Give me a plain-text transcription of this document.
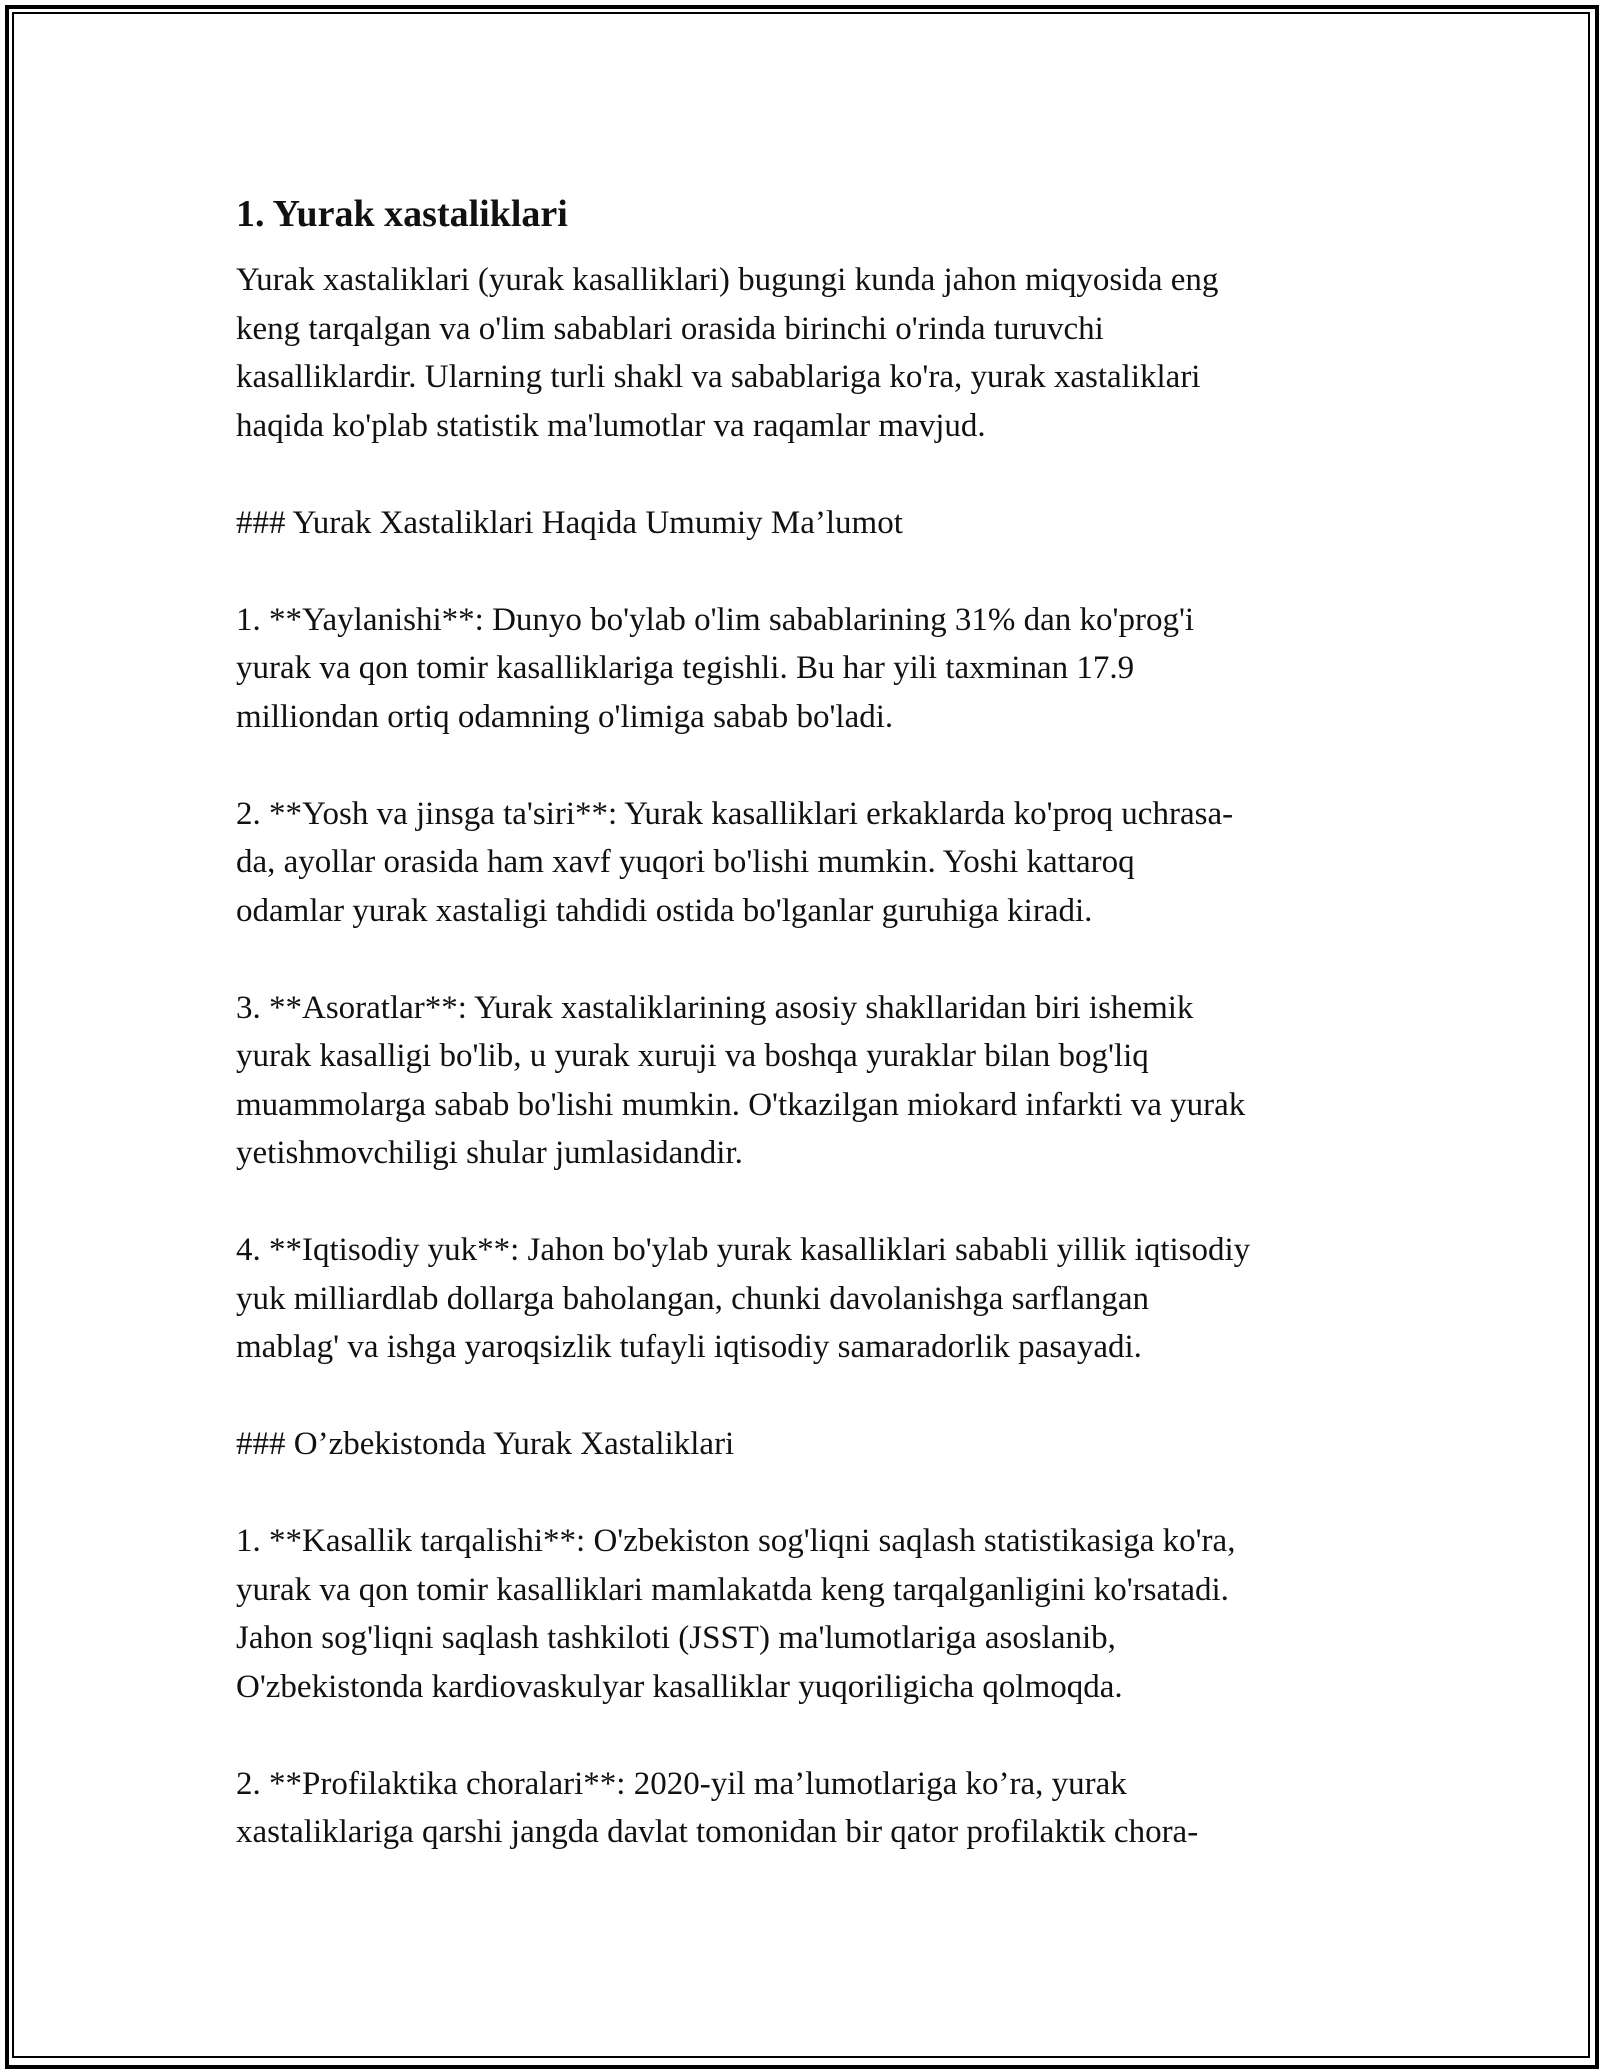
1. Yurak xastaliklari

Yurak xastaliklari (yurak kasalliklari) bugungi kunda jahon miqyosida eng
keng tarqalgan va o'lim sabablari orasida birinchi o'rinda turuvchi
kasalliklardir. Ularning turli shakl va sabablariga ko'ra, yurak xastaliklari
haqida ko'plab statistik ma'lumotlar va raqamlar mavjud.

### Yurak Xastaliklari Haqida Umumiy Ma’lumot

1. **Yaylanishi**: Dunyo bo'ylab o'lim sabablarining 31% dan ko'prog'i
yurak va qon tomir kasalliklariga tegishli. Bu har yili taxminan 17.9
milliondan ortiq odamning o'limiga sabab bo'ladi.

2. **Yosh va jinsga ta'siri**: Yurak kasalliklari erkaklarda ko'proq uchrasa-
da, ayollar orasida ham xavf yuqori bo'lishi mumkin. Yoshi kattaroq
odamlar yurak xastaligi tahdidi ostida bo'lganlar guruhiga kiradi.

3. **Asoratlar**: Yurak xastaliklarining asosiy shakllaridan biri ishemik
yurak kasalligi bo'lib, u yurak xuruji va boshqa yuraklar bilan bog'liq
muammolarga sabab bo'lishi mumkin. O'tkazilgan miokard infarkti va yurak
yetishmovchiligi shular jumlasidandir.

4. **Iqtisodiy yuk**: Jahon bo'ylab yurak kasalliklari sababli yillik iqtisodiy
yuk milliardlab dollarga baholangan, chunki davolanishga sarflangan
mablag' va ishga yaroqsizlik tufayli iqtisodiy samaradorlik pasayadi.

### O’zbekistonda Yurak Xastaliklari

1. **Kasallik tarqalishi**: O'zbekiston sog'liqni saqlash statistikasiga ko'ra,
yurak va qon tomir kasalliklari mamlakatda keng tarqalganligini ko'rsatadi.
Jahon sog'liqni saqlash tashkiloti (JSST) ma'lumotlariga asoslanib,
O'zbekistonda kardiovaskulyar kasalliklar yuqoriligicha qolmoqda.

2. **Profilaktika choralari**: 2020-yil ma’lumotlariga ko’ra, yurak
xastaliklariga qarshi jangda davlat tomonidan bir qator profilaktik chora-
